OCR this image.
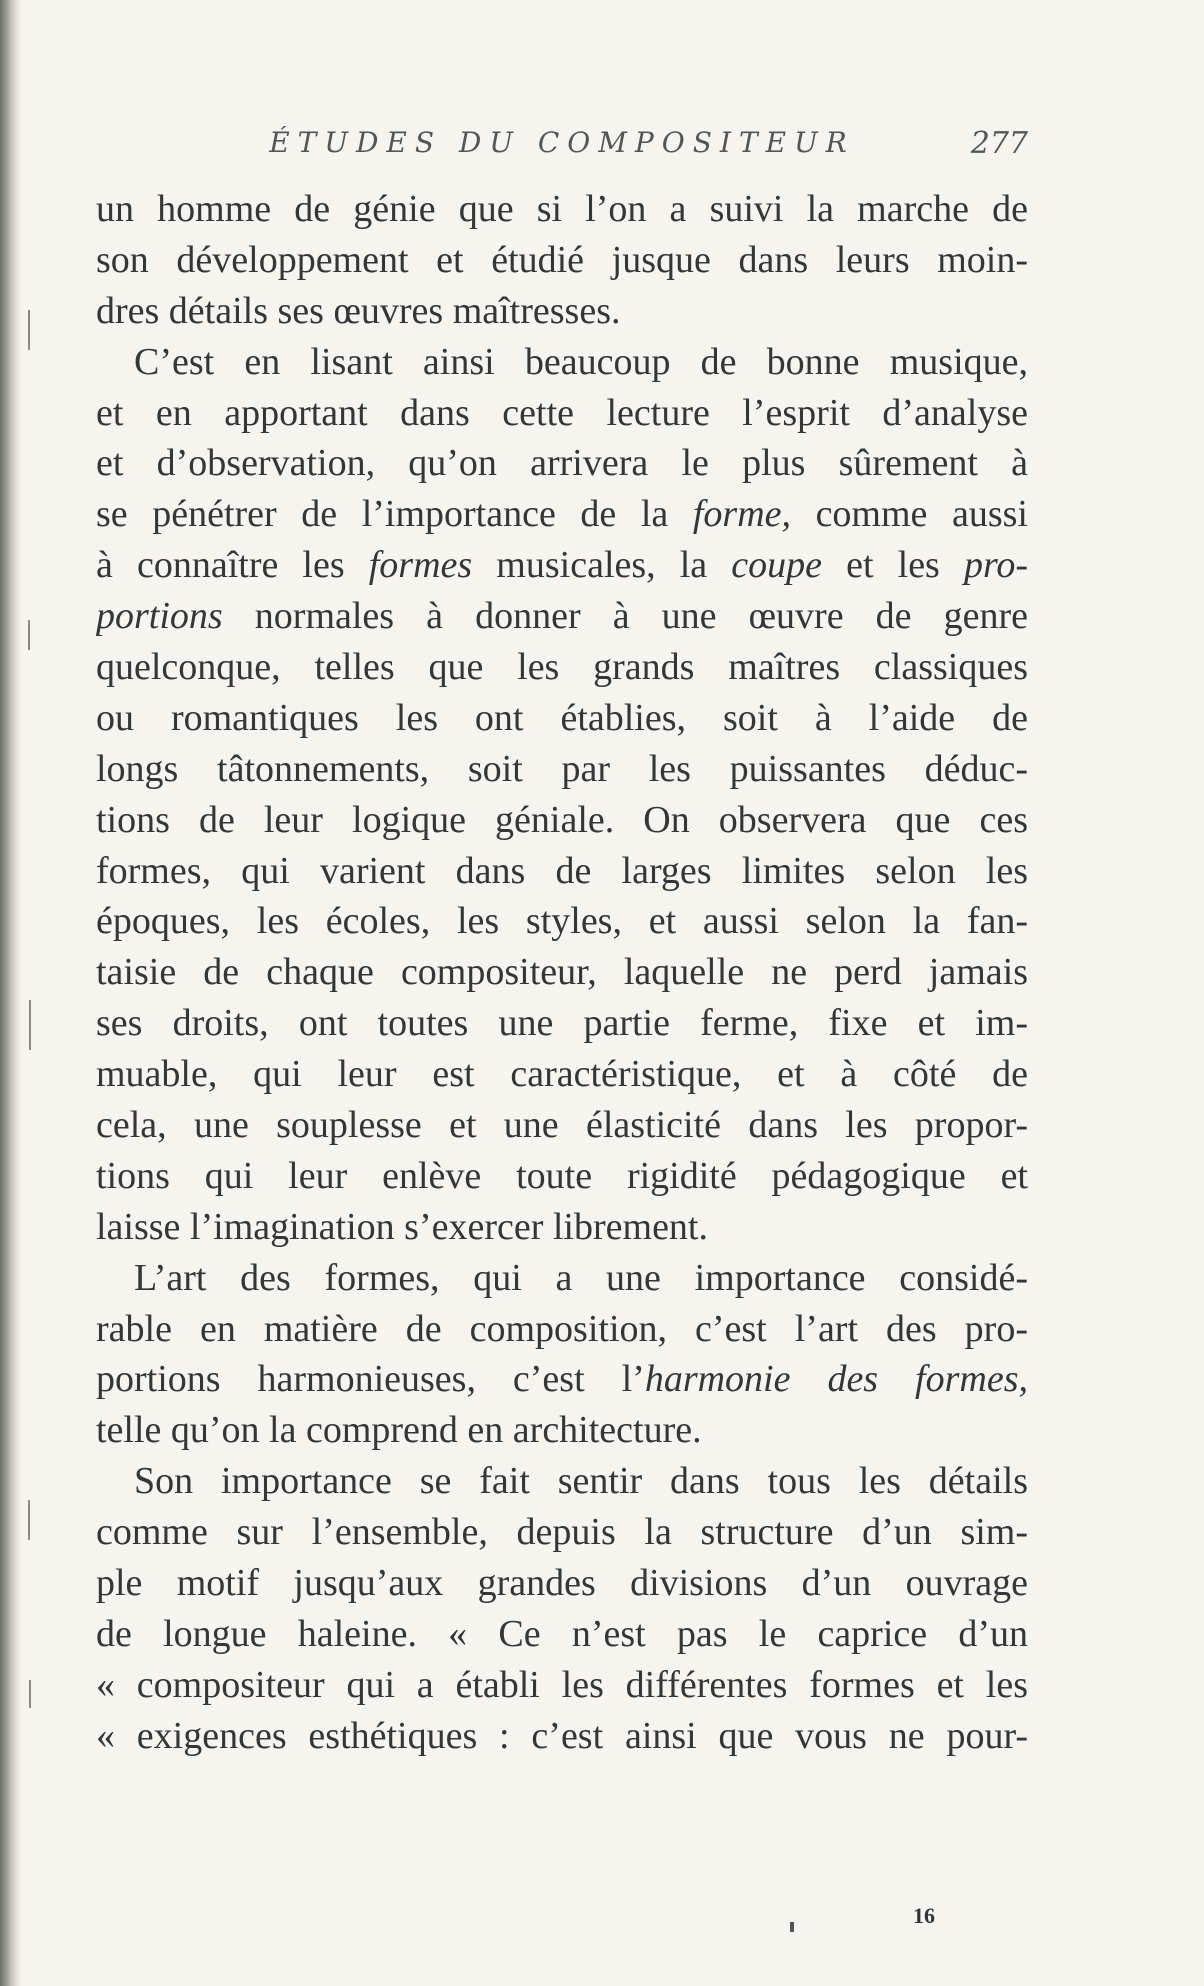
ÉTUDES DU COMPOSITEUR	277
un homme de génie que si l’on a suivi la marche de
son développement et étudié jusque dans leurs moin-
dres détails ses œuvres maîtresses.
C’est en lisant ainsi beaucoup de bonne musique,
et en apportant dans cette lecture l’esprit d’analyse
et d’observation, qu’on arrivera le plus sûrement à
se pénétrer de l’importance de la forme, comme aussi
à connaître les formes musicales, la coupe et les pro-
portions normales à donner à une œuvre de genre
quelconque, telles que les grands maîtres classiques
ou romantiques les ont établies, soit à l’aide de
longs tâtonnements, soit par les puissantes déduc-
tions de leur logique géniale. On observera que ces
formes, qui varient dans de larges limites selon les
époques, les écoles, les styles, et aussi selon la fan-
taisie de chaque compositeur, laquelle ne perd jamais
ses droits, ont toutes une partie ferme, fixe et im-
muable, qui leur est caractéristique, et à côté de
cela, une souplesse et une élasticité dans les propor-
tions qui leur enlève toute rigidité pédagogique et
laisse l’imagination s’exercer librement.
L’art des formes, qui a une importance considé-
rable en matière de composition, c’est l’art des pro-
portions harmonieuses, c’est l’harmonie des formes,
telle qu’on la comprend en architecture.
Son importance se fait sentir dans tous les détails
comme sur l’ensemble, depuis la structure d’un sim-
ple motif jusqu’aux grandes divisions d’un ouvrage
de longue haleine. « Ce n’est pas le caprice d’un
« compositeur qui a établi les différentes formes et les
« exigences esthétiques : c’est ainsi que vous ne pour-
16
